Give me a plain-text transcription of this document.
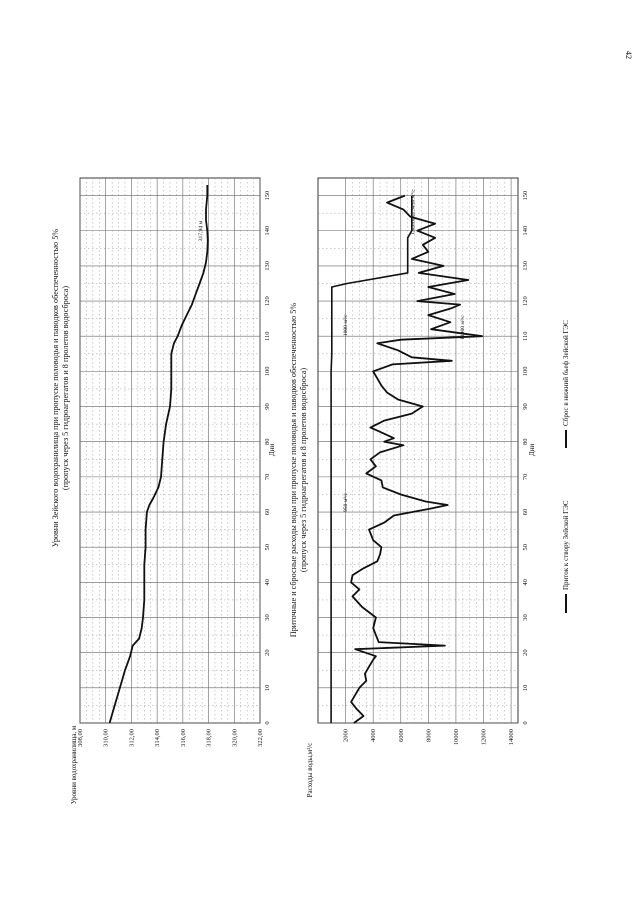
42
Уровни Зейского водохранилища при пропуске половодья и паводков обеспеченностью 5% (пропуск через 5 гидроагрегатов и 8 пролетов водосброса)
308,00	310,00	312,00	314,00	316,00	318,00	320,00	322,00
0
10
20
30
40
50
60
70
80
90
100
110
120
130
140
150
317,94 м
Уровни водохранилища, м
Дни Приточные и сбросные расходы воды при пропуске половодья и паводков обеспеченностью 5% (пропуск через 5 гидроагрегатов и 8 пролетов водосброса)
2000	4000	6000	8000	10000	12000	14000
0
10
20
30
40
50
60
70
80
90
100
110
120
130
140
150
11900 м³/с
1000 м³/с
950 м³/с
Окатовка 3450 м³/с
Расходы воды,м³/с
Дни
Приток к створу Зейской ГЭС
Сброс в нижний бьеф Зейской ГЭС
